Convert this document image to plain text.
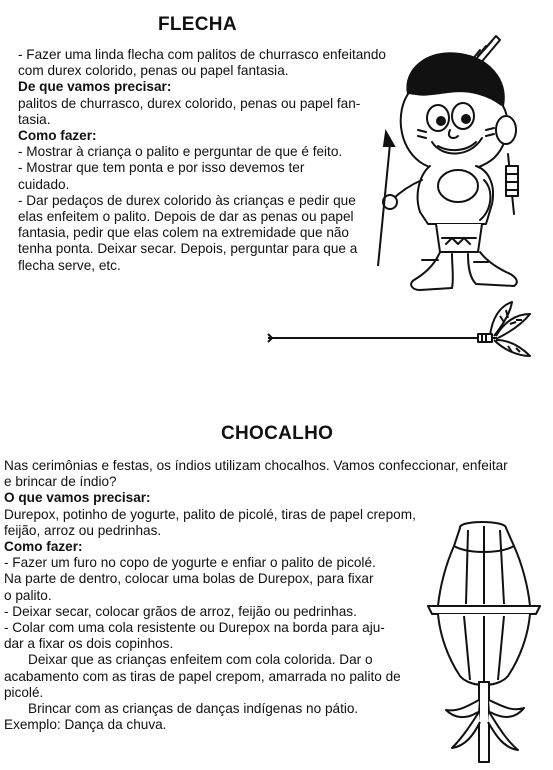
FLECHA
- Fazer uma linda flecha com palitos de churrasco enfeitando
com durex colorido, penas ou papel fantasia.
De que vamos precisar:
palitos de churrasco, durex colorido, penas ou papel fan-
tasia.
Como fazer:
- Mostrar à criança o palito e perguntar de que é feito.
- Mostrar que tem ponta e por isso devemos ter
cuidado.
- Dar pedaços de durex colorido às crianças e pedir que
elas enfeitem o palito. Depois de dar as penas ou papel
fantasia, pedir que elas colem na extremidade que não
tenha ponta. Deixar secar. Depois, perguntar para que a
flecha serve, etc.
CHOCALHO
Nas cerimônias e festas, os índios utilizam chocalhos. Vamos confeccionar, enfeitar
e brincar de índio?
O que vamos precisar:
Durepox, potinho de yogurte, palito de picolé, tiras de papel crepom,
feijão, arroz ou pedrinhas.
Como fazer:
- Fazer um furo no copo de yogurte e enfiar o palito de picolé.
Na parte de dentro, colocar uma bolas de Durepox, para fixar
o palito.
- Deixar secar, colocar grãos de arroz, feijão ou pedrinhas.
- Colar com uma cola resistente ou Durepox na borda para aju-
dar a fixar os dois copinhos.
Deixar que as crianças enfeitem com cola colorida. Dar o
acabamento com as tiras de papel crepom, amarrada no palito de
picolé.
Brincar com as crianças de danças indígenas no pátio.
Exemplo: Dança da chuva.
